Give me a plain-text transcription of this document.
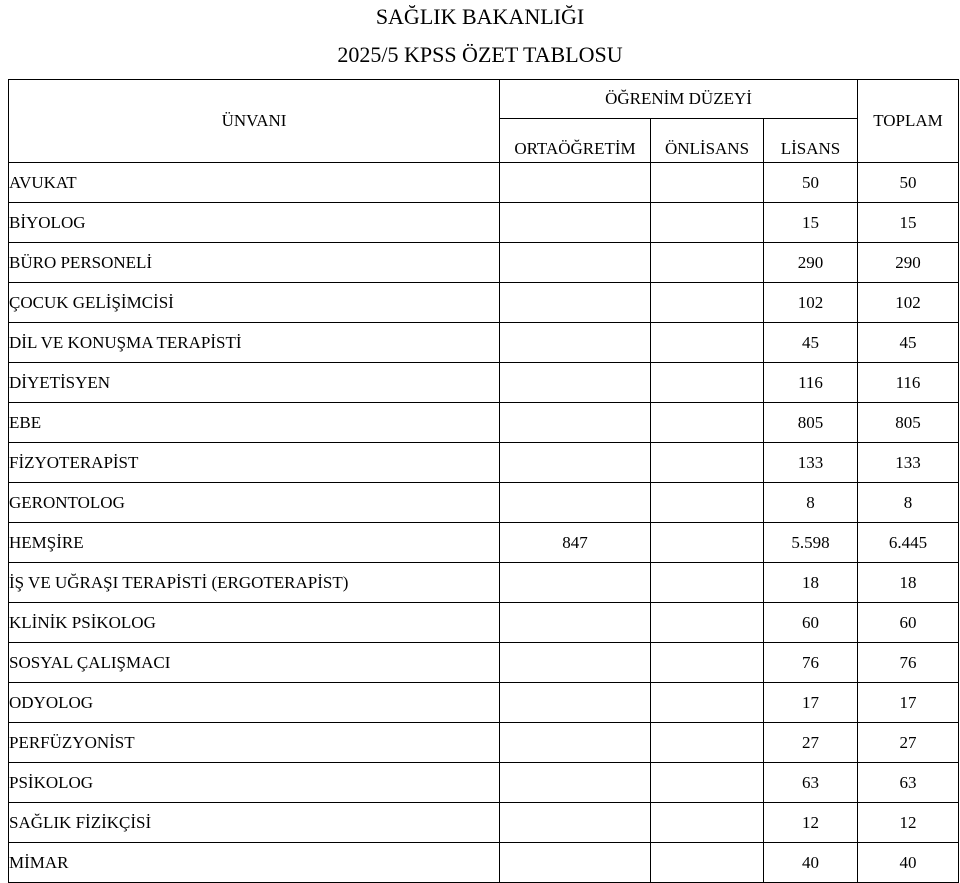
SAĞLIK BAKANLIĞI
2025/5 KPSS ÖZET TABLOSU
ÜNVANI	ÖĞRENİM DÜZEYİ			TOPLAM
	ORTAÖĞRETİM	ÖNLİSANS	LİSANS	
AVUKAT			50	50
BİYOLOG			15	15
BÜRO PERSONELİ			290	290
ÇOCUK GELİŞİMCİSİ			102	102
DİL VE KONUŞMA TERAPİSTİ			45	45
DİYETİSYEN			116	116
EBE			805	805
FİZYOTERAPİST			133	133
GERONTOLOG			8	8
HEMŞİRE	847		5.598	6.445
İŞ VE UĞRAŞI TERAPİSTİ (ERGOTERAPİST)			18	18
KLİNİK PSİKOLOG			60	60
SOSYAL ÇALIŞMACI			76	76
ODYOLOG			17	17
PERFÜZYONİST			27	27
PSİKOLOG			63	63
SAĞLIK FİZİKÇİSİ			12	12
MİMAR			40	40
